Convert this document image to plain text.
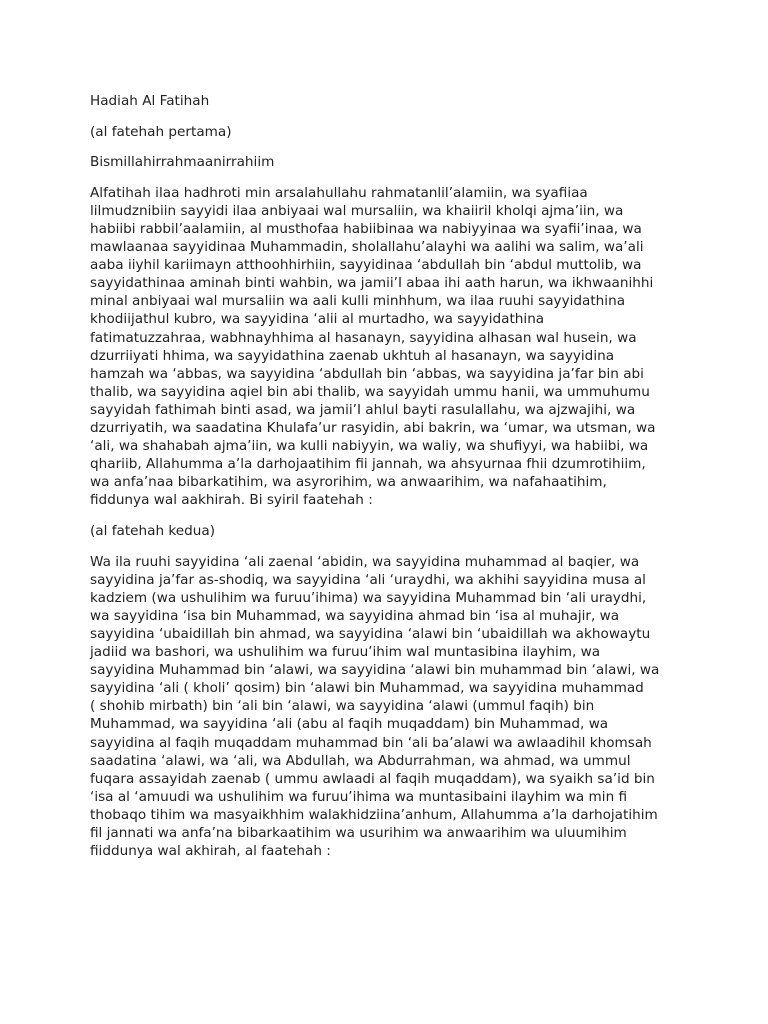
Hadiah Al Fatihah

(al fatehah pertama)

Bismillahirrahmaanirrahiim

Alfatihah ilaa hadhroti min arsalahullahu rahmatanlil’alamiin, wa syafiiaa
lilmudznibiin sayyidi ilaa anbiyaai wal mursaliin, wa khaiiril kholqi ajma’iin, wa
habiibi rabbil’aalamiin, al musthofaa habiibinaa wa nabiyyinaa wa syafii’inaa, wa
mawlaanaa sayyidinaa Muhammadin, sholallahu’alayhi wa aalihi wa salim, wa’ali
aaba iiyhil kariimayn atthoohhirhiin, sayyidinaa ‘abdullah bin ‘abdul muttolib, wa
sayyidathinaa aminah binti wahbin, wa jamii’I abaa ihi aath harun, wa ikhwaanihhi
minal anbiyaai wal mursaliin wa aali kulli minhhum, wa ilaa ruuhi sayyidathina
khodiijathul kubro, wa sayyidina ‘alii al murtadho, wa sayyidathina
fatimatuzzahraa, wabhnayhhima al hasanayn, sayyidina alhasan wal husein, wa
dzurriiyati hhima, wa sayyidathina zaenab ukhtuh al hasanayn, wa sayyidina
hamzah wa ‘abbas, wa sayyidina ‘abdullah bin ‘abbas, wa sayyidina ja’far bin abi
thalib, wa sayyidina aqiel bin abi thalib, wa sayyidah ummu hanii, wa ummuhumu
sayyidah fathimah binti asad, wa jamii’I ahlul bayti rasulallahu, wa ajzwajihi, wa
dzurriyatih, wa saadatina Khulafa’ur rasyidin, abi bakrin, wa ‘umar, wa utsman, wa
‘ali, wa shahabah ajma’iin, wa kulli nabiyyin, wa waliy, wa shufiyyi, wa habiibi, wa
qhariib, Allahumma a’la darhojaatihim fii jannah, wa ahsyurnaa fhii dzumrotihiim,
wa anfa’naa bibarkatihim, wa asyrorihim, wa anwaarihim, wa nafahaatihim,
fiddunya wal aakhirah. Bi syiril faatehah :

(al fatehah kedua)

Wa ila ruuhi sayyidina ‘ali zaenal ‘abidin, wa sayyidina muhammad al baqier, wa
sayyidina ja’far as-shodiq, wa sayyidina ‘ali ‘uraydhi, wa akhihi sayyidina musa al
kadziem (wa ushulihim wa furuu’ihima) wa sayyidina Muhammad bin ‘ali uraydhi,
wa sayyidina ‘isa bin Muhammad, wa sayyidina ahmad bin ‘isa al muhajir, wa
sayyidina ‘ubaidillah bin ahmad, wa sayyidina ‘alawi bin ‘ubaidillah wa akhowaytu
jadiid wa bashori, wa ushulihim wa furuu’ihim wal muntasibina ilayhim, wa
sayyidina Muhammad bin ‘alawi, wa sayyidina ‘alawi bin muhammad bin ‘alawi, wa
sayyidina ‘ali ( kholi’ qosim) bin ‘alawi bin Muhammad, wa sayyidina muhammad
( shohib mirbath) bin ‘ali bin ‘alawi, wa sayyidina ‘alawi (ummul faqih) bin
Muhammad, wa sayyidina ‘ali (abu al faqih muqaddam) bin Muhammad, wa
sayyidina al faqih muqaddam muhammad bin ‘ali ba’alawi wa awlaadihil khomsah
saadatina ‘alawi, wa ‘ali, wa Abdullah, wa Abdurrahman, wa ahmad, wa ummul
fuqara assayidah zaenab ( ummu awlaadi al faqih muqaddam), wa syaikh sa’id bin
‘isa al ‘amuudi wa ushulihim wa furuu’ihima wa muntasibaini ilayhim wa min fi
thobaqo tihim wa masyaikhhim walakhidziina’anhum, Allahumma a’la darhojatihim
fil jannati wa anfa’na bibarkaatihim wa usurihim wa anwaarihim wa uluumihim
fiiddunya wal akhirah, al faatehah :
